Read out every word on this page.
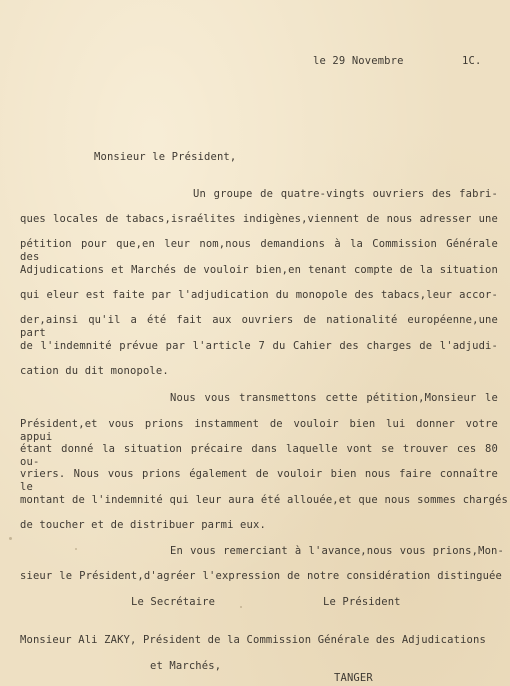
le 29 Novembre	1C.
Monsieur le Président,
Un groupe de quatre-vingts ouvriers des fabri-
ques locales de tabacs,israélites indigènes,viennent de nous adresser une
pétition pour que,en leur nom,nous demandions à la Commission Générale des
Adjudications et Marchés de vouloir bien,en tenant compte de la situation
qui eleur est faite par l'adjudication du monopole des tabacs,leur accor-
der,ainsi qu'il a été fait aux ouvriers de nationalité européenne,une part
de l'indemnité prévue par l'article 7 du Cahier des charges de l'adjudi-
cation du dit monopole.
Nous vous transmettons cette pétition,Monsieur le
Président,et vous prions instamment de vouloir bien lui donner votre appui
étant donné la situation précaire dans laquelle vont se trouver ces 80 ou-
vriers. Nous vous prions également de vouloir bien nous faire connaître le
montant de l'indemnité qui leur aura été allouée,et que nous sommes chargés
de toucher et de distribuer parmi eux.
En vous remerciant à l'avance,nous vous prions,Mon-
sieur le Président,d'agréer l'expression de notre considération distinguée
Le Secrétaire	Le Président
Monsieur Ali ZAKY, Président de la Commission Générale des Adjudications
et Marchés,
TANGER
